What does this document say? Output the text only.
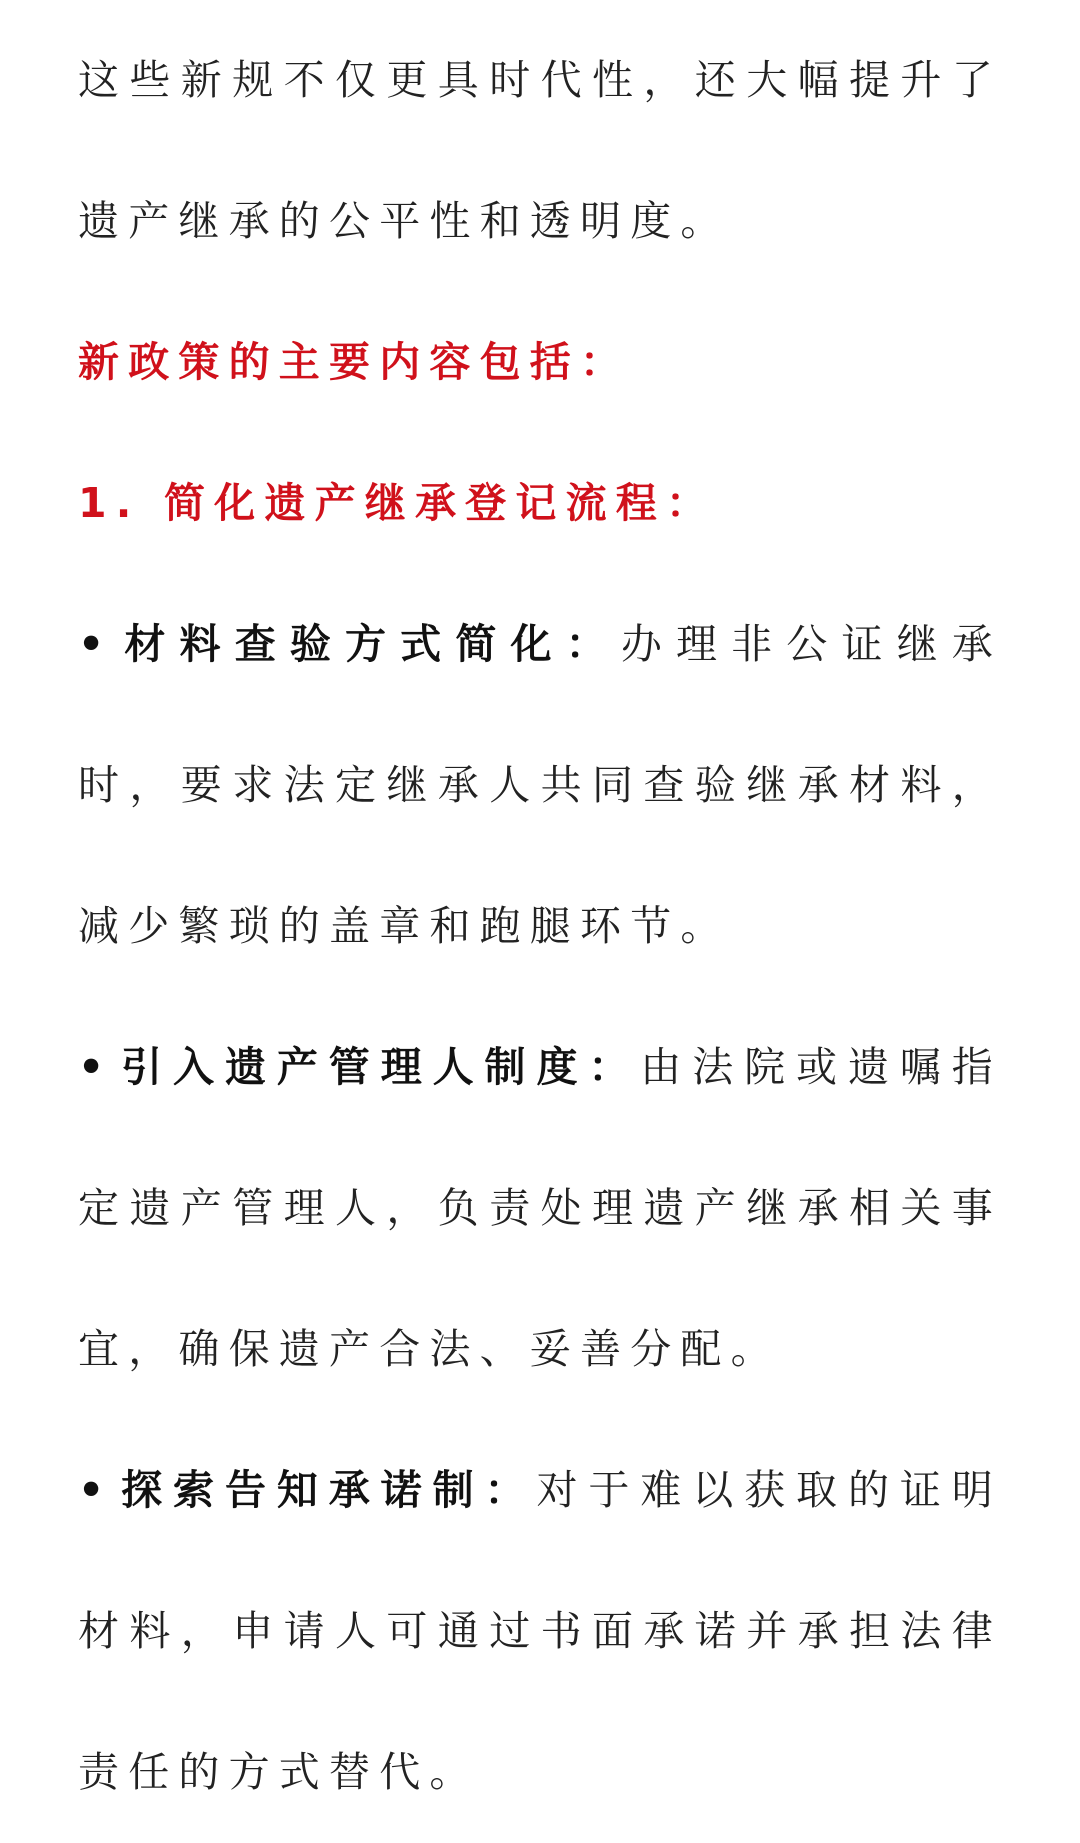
这些新规不仅更具时代性，还大幅提升了遗产继承的公平性和透明度。

新政策的主要内容包括：

1. 简化遗产继承登记流程：

• 材料查验方式简化：办理非公证继承时，要求法定继承人共同查验继承材料，减少繁琐的盖章和跑腿环节。

• 引入遗产管理人制度：由法院或遗嘱指定遗产管理人，负责处理遗产继承相关事宜，确保遗产合法、妥善分配。

• 探索告知承诺制：对于难以获取的证明材料，申请人可通过书面承诺并承担法律责任的方式替代。
